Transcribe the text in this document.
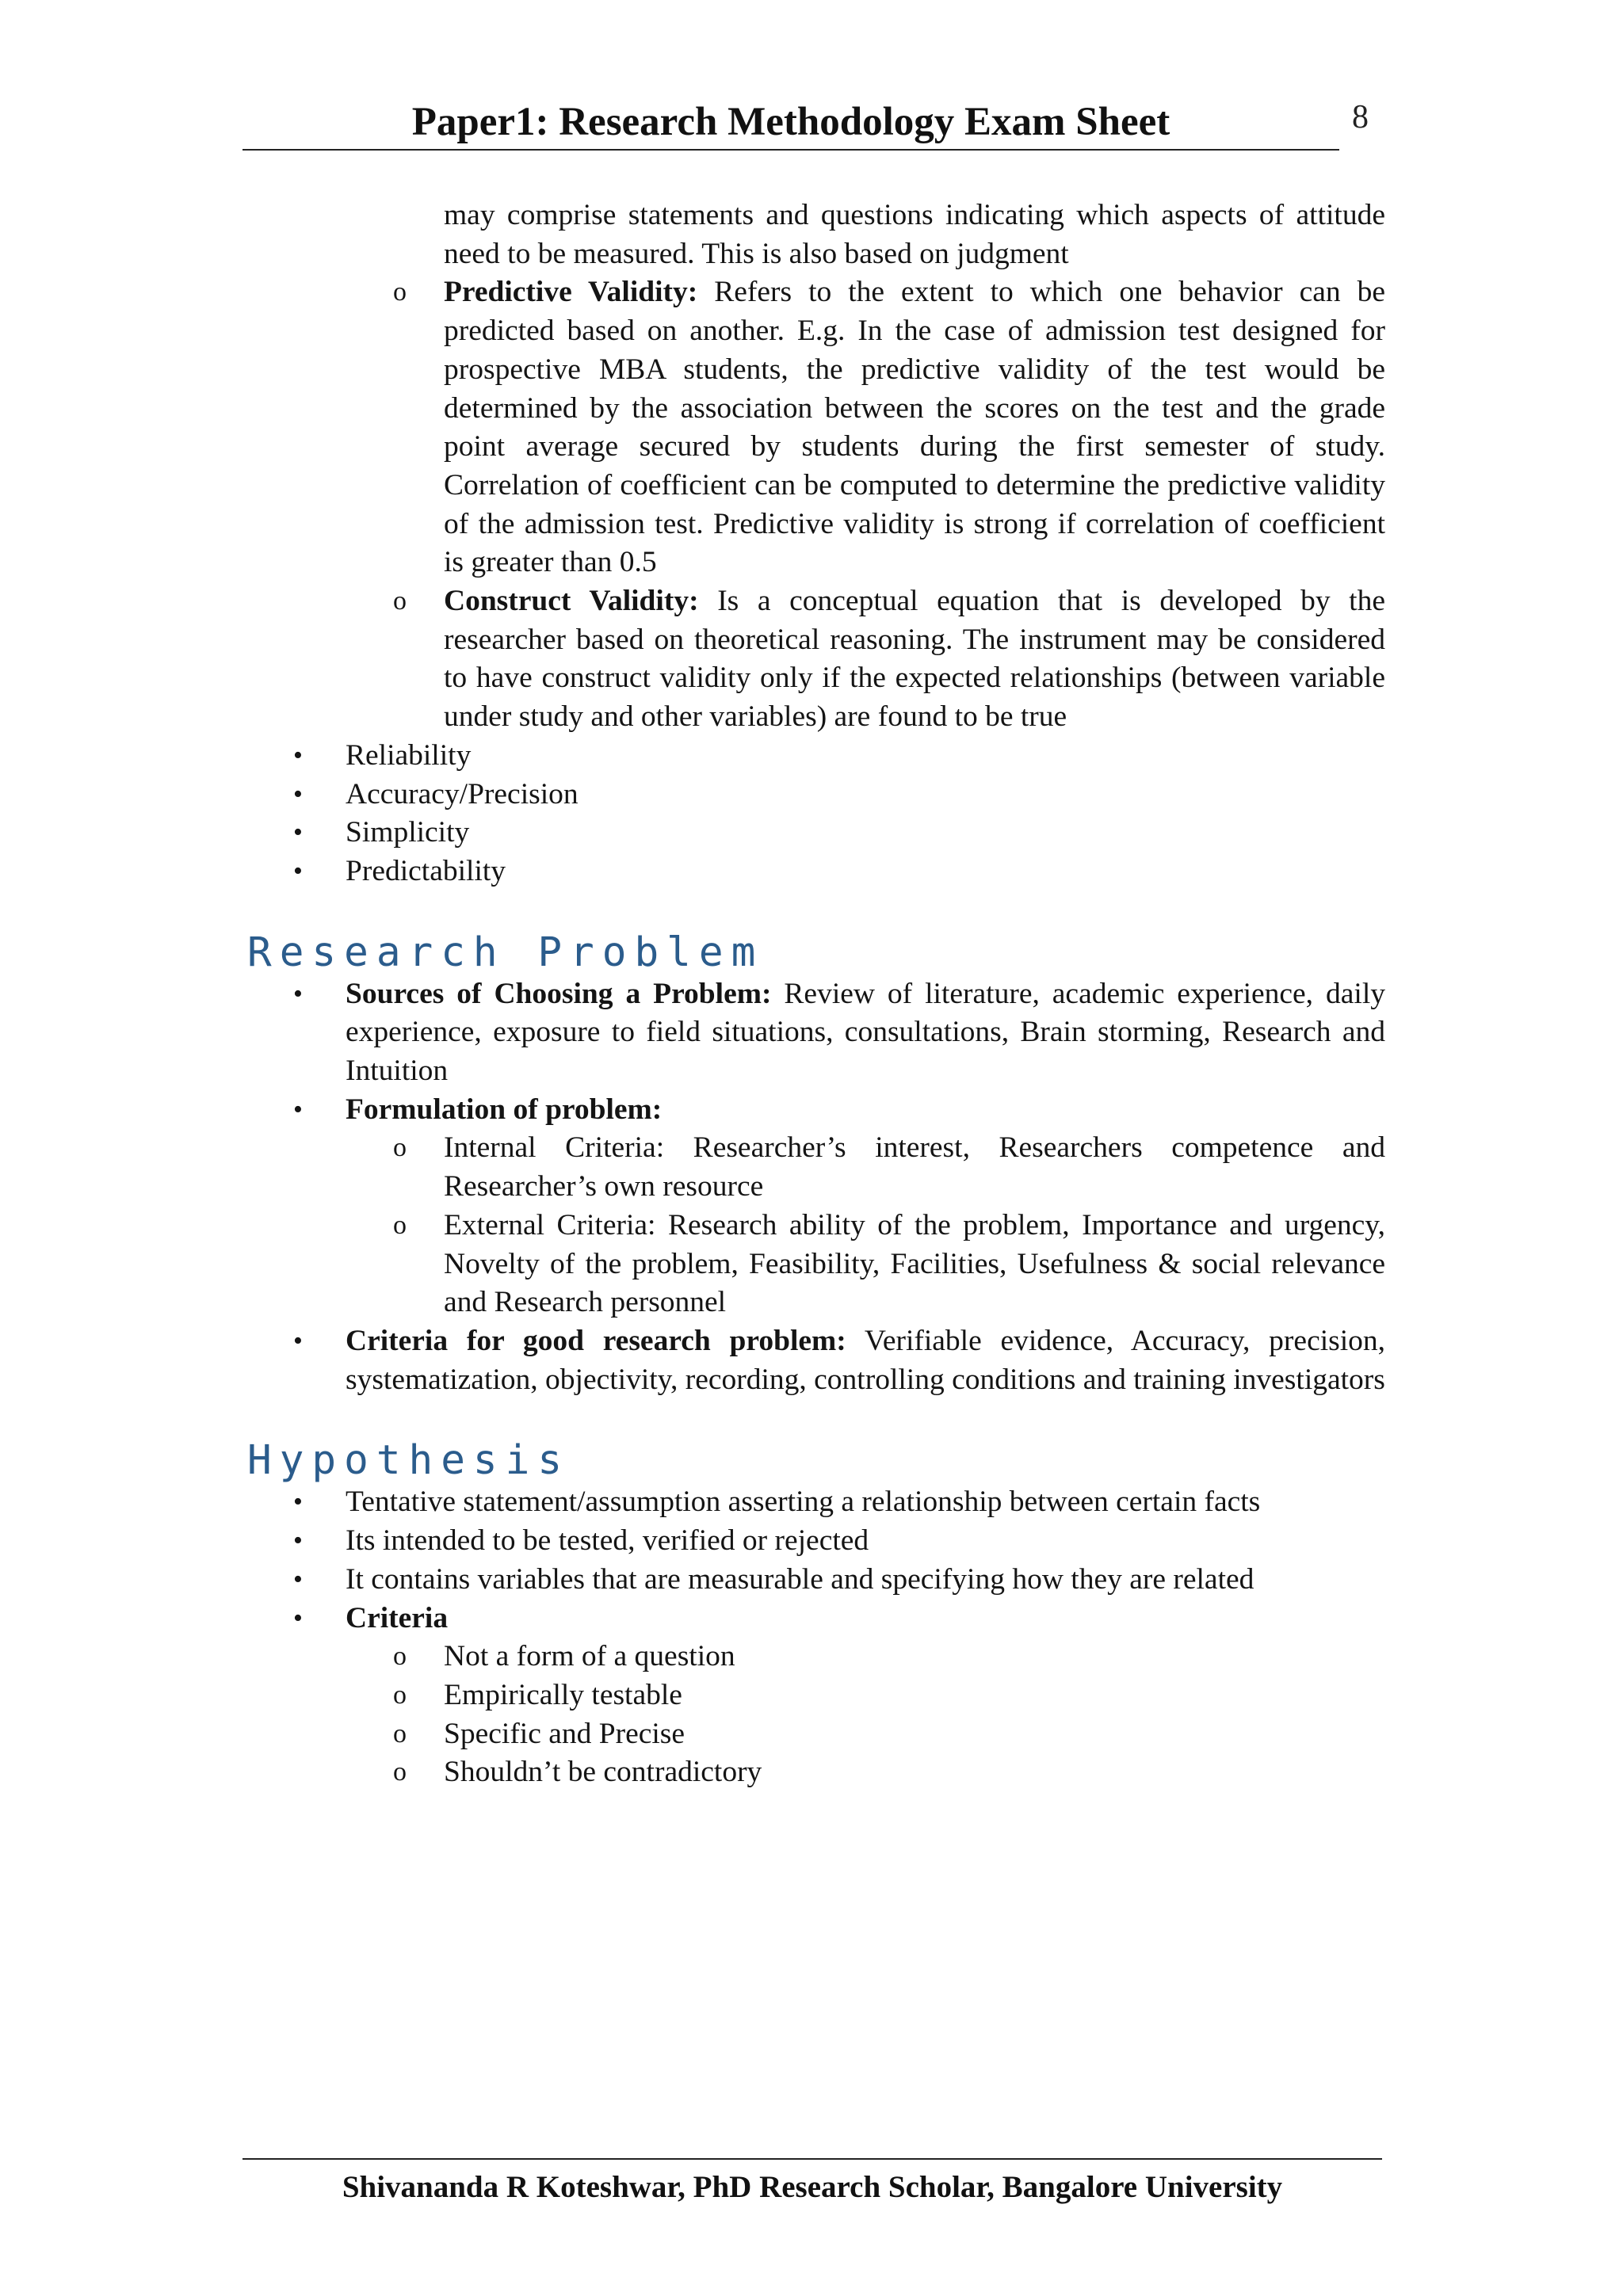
Paper1: Research Methodology Exam Sheet	8

may comprise statements and questions indicating which aspects of attitude need to be measured. This is also based on judgment

o Predictive Validity: Refers to the extent to which one behavior can be predicted based on another. E.g. In the case of admission test designed for prospective MBA students, the predictive validity of the test would be determined by the association between the scores on the test and the grade point average secured by students during the first semester of study. Correlation of coefficient can be computed to determine the predictive validity of the admission test. Predictive validity is strong if correlation of coefficient is greater than 0.5

o Construct Validity: Is a conceptual equation that is developed by the researcher based on theoretical reasoning. The instrument may be considered to have construct validity only if the expected relationships (between variable under study and other variables) are found to be true

• Reliability

• Accuracy/Precision

• Simplicity

• Predictability

Research Problem

• Sources of Choosing a Problem: Review of literature, academic experience, daily experience, exposure to field situations, consultations, Brain storming, Research and Intuition

• Formulation of problem:

o Internal Criteria: Researcher’s interest, Researchers competence and Researcher’s own resource

o External Criteria: Research ability of the problem, Importance and urgency, Novelty of the problem, Feasibility, Facilities, Usefulness & social relevance and Research personnel

• Criteria for good research problem: Verifiable evidence, Accuracy, precision, systematization, objectivity, recording, controlling conditions and training investigators

Hypothesis

• Tentative statement/assumption asserting a relationship between certain facts

• Its intended to be tested, verified or rejected

• It contains variables that are measurable and specifying how they are related

• Criteria

o Not a form of a question

o Empirically testable

o Specific and Precise

o Shouldn’t be contradictory

Shivananda R Koteshwar, PhD Research Scholar, Bangalore University
